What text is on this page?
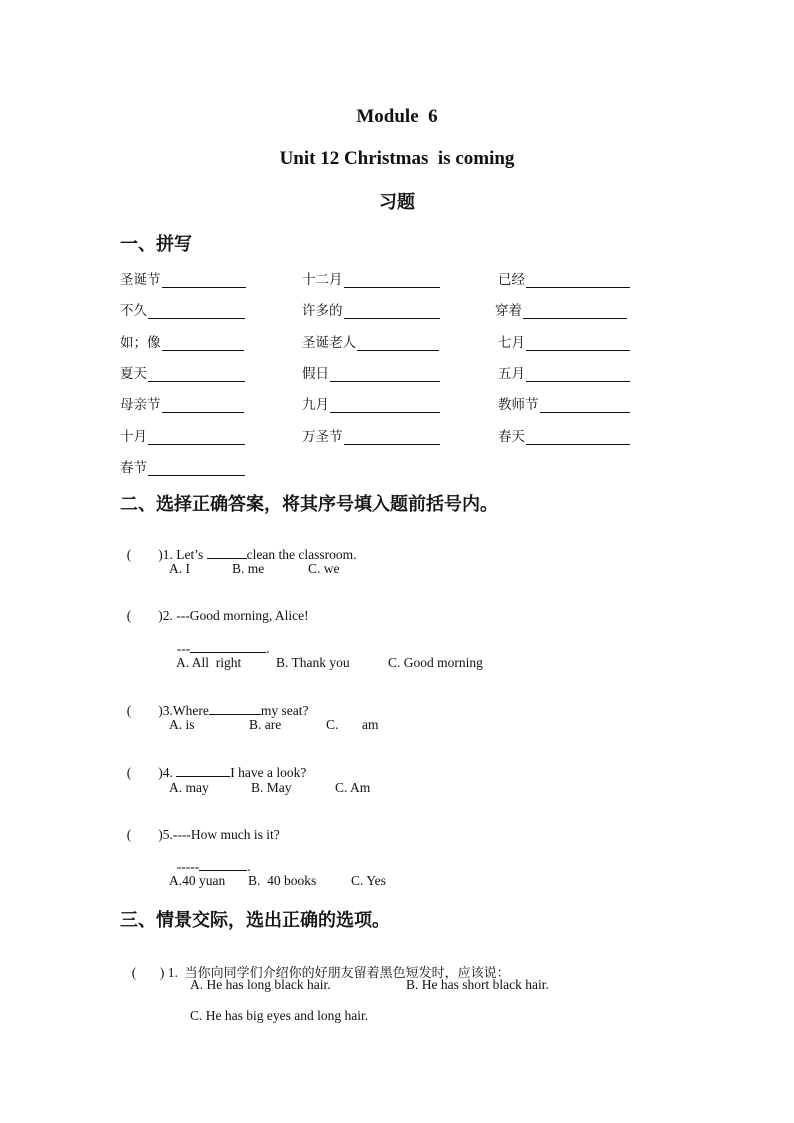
Module  6
Unit 12 Christmas  is coming
习题
一、拼写
圣诞节	十二月	已经
不久	许多的	穿着
如；像	圣诞老人	七月
夏天	假日	五月
母亲节	九月	教师节
十月	万圣节	春天
春节
二、选择正确答案，将其序号填入题前括号内。

(        )1. Let’s	clean the classroom.

A. I	B. me	C. we

(        )2. ---Good morning, Alice!

---	.

A. All  right	B. Thank you	C. Good morning

(        )3.Where	my seat?

A. is	B. are	C.       am

(        )4.	I have a look?

A. may	B. May	C. Am

(        )5.----How much is it?

-----	.

A.40 yuan B.  40 books	C. Yes
三、情景交际，选出正确的选项。

(       ) 1. 当你向同学们介绍你的好朋友留着黑色短发时，应该说：

A. He has long black hair.	B. He has short black hair.
C. He has big eyes and long hair.
